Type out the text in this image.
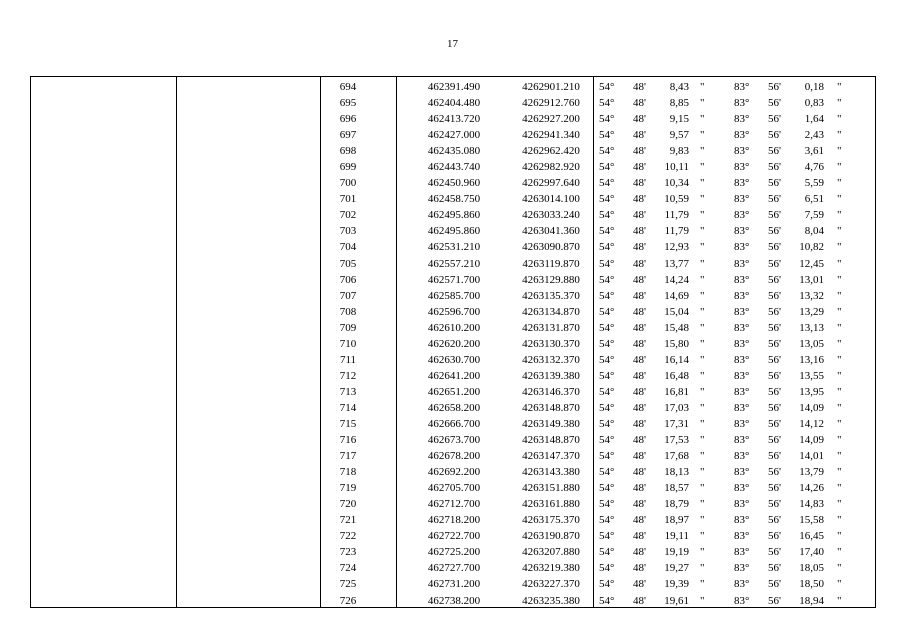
17
694	462391.490	4262901.210	54°	48'	8,43 "	83°	56'	0,18 "
695	462404.480	4262912.760	54°	48'	8,85 "	83°	56'	0,83 "
696	462413.720	4262927.200	54°	48'	9,15 "	83°	56'	1,64 "
697	462427.000	4262941.340	54°	48'	9,57 "	83°	56'	2,43 "
698	462435.080	4262962.420	54°	48'	9,83 "	83°	56'	3,61 "
699	462443.740	4262982.920	54°	48'	10,11 "	83°	56'	4,76 "
700	462450.960	4262997.640	54°	48'	10,34 "	83°	56'	5,59 "
701	462458.750	4263014.100	54°	48'	10,59 "	83°	56'	6,51 "
702	462495.860	4263033.240	54°	48'	11,79 "	83°	56'	7,59 "
703	462495.860	4263041.360	54°	48'	11,79 "	83°	56'	8,04 "
704	462531.210	4263090.870	54°	48'	12,93 "	83°	56'	10,82 "
705	462557.210	4263119.870	54°	48'	13,77 "	83°	56'	12,45 "
706	462571.700	4263129.880	54°	48'	14,24 "	83°	56'	13,01 "
707	462585.700	4263135.370	54°	48'	14,69 "	83°	56'	13,32 "
708	462596.700	4263134.870	54°	48'	15,04 "	83°	56'	13,29 "
709	462610.200	4263131.870	54°	48'	15,48 "	83°	56'	13,13 "
710	462620.200	4263130.370	54°	48'	15,80 "	83°	56'	13,05 "
711	462630.700	4263132.370	54°	48'	16,14 "	83°	56'	13,16 "
712	462641.200	4263139.380	54°	48'	16,48 "	83°	56'	13,55 "
713	462651.200	4263146.370	54°	48'	16,81 "	83°	56'	13,95 "
714	462658.200	4263148.870	54°	48'	17,03 "	83°	56'	14,09 "
715	462666.700	4263149.380	54°	48'	17,31 "	83°	56'	14,12 "
716	462673.700	4263148.870	54°	48'	17,53 "	83°	56'	14,09 "
717	462678.200	4263147.370	54°	48'	17,68 "	83°	56'	14,01 "
718	462692.200	4263143.380	54°	48'	18,13 "	83°	56'	13,79 "
719	462705.700	4263151.880	54°	48'	18,57 "	83°	56'	14,26 "
720	462712.700	4263161.880	54°	48'	18,79 "	83°	56'	14,83 "
721	462718.200	4263175.370	54°	48'	18,97 "	83°	56'	15,58 "
722	462722.700	4263190.870	54°	48'	19,11 "	83°	56'	16,45 "
723	462725.200	4263207.880	54°	48'	19,19 "	83°	56'	17,40 "
724	462727.700	4263219.380	54°	48'	19,27 "	83°	56'	18,05 "
725	462731.200	4263227.370	54°	48'	19,39 "	83°	56'	18,50 "
726	462738.200	4263235.380	54°	48'	19,61 "	83°	56'	18,94 "
